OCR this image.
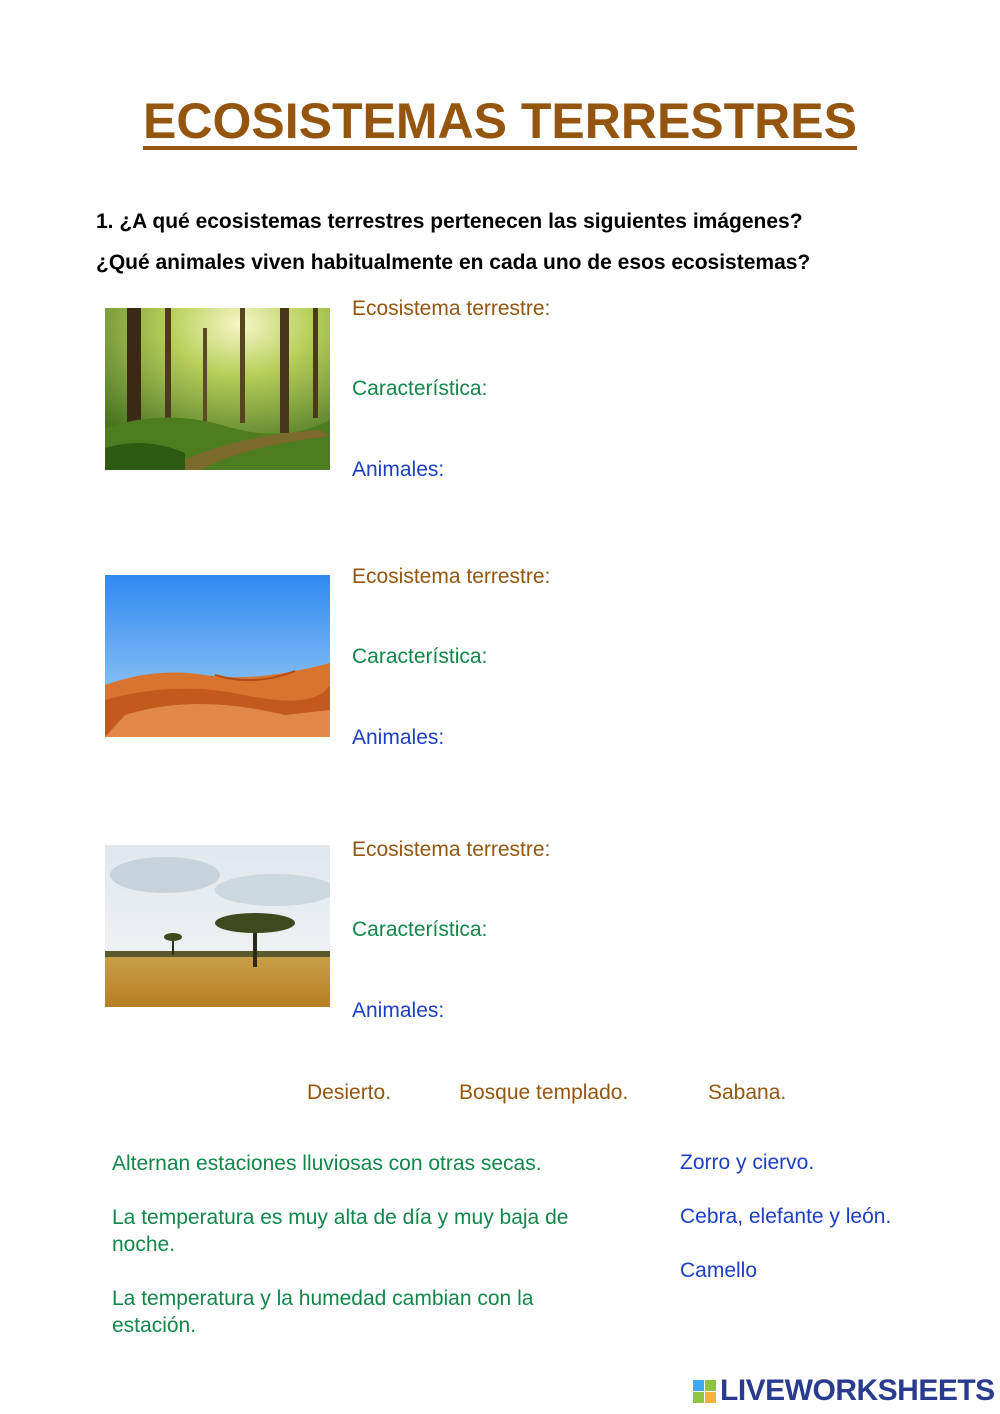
ECOSISTEMAS TERRESTRES
1. ¿A qué ecosistemas terrestres pertenecen las siguientes imágenes?
¿Qué animales viven habitualmente en cada uno de esos ecosistemas?
Ecosistema terrestre:
Característica:
Animales:
Ecosistema terrestre:
Característica:
Animales:
Ecosistema terrestre:
Característica:
Animales:
Desierto.	Bosque templado.	Sabana.
Alternan estaciones lluviosas con otras secas.
La temperatura es muy alta de día y muy baja de noche.
La temperatura y la humedad cambian con la estación.
Zorro y ciervo.
Cebra, elefante y león.
Camello
LIVEWORKSHEETS
